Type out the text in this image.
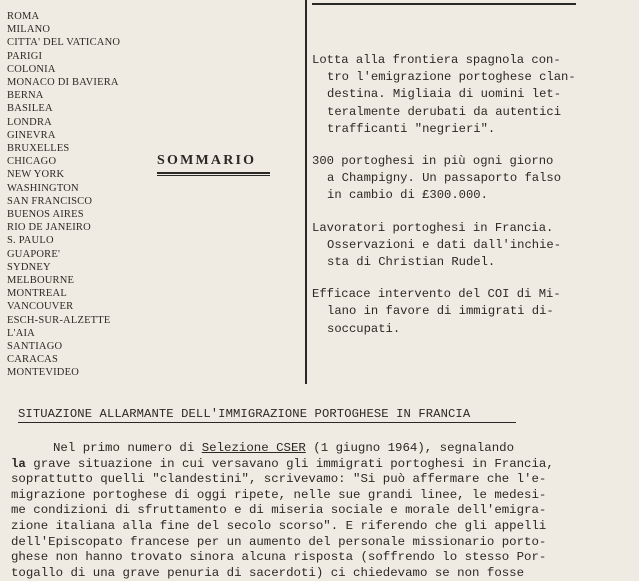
ROMA
MILANO
CITTA' DEL VATICANO
PARIGI
COLONIA
MONACO DI BAVIERA
BERNA
BASILEA
LONDRA
GINEVRA
BRUXELLES
CHICAGO
NEW YORK
WASHINGTON
SAN FRANCISCO
BUENOS AIRES
RIO DE JANEIRO
S. PAULO
GUAPORE'
SYDNEY
MELBOURNE
MONTREAL
VANCOUVER
ESCH-SUR-ALZETTE
L'AIA
SANTIAGO
CARACAS
MONTEVIDEO
SOMMARIO
Lotta alla frontiera spagnola con-
tro l'emigrazione portoghese clan-
destina. Migliaia di uomini let-
teralmente derubati da autentici
trafficanti "negrieri".
300 portoghesi in più ogni giorno
a Champigny. Un passaporto falso
in cambio di £300.000.
Lavoratori portoghesi in Francia.
Osservazioni e dati dall'inchie-
sta di Christian Rudel.
Efficace intervento del COI di Mi-
lano in favore di immigrati di-
soccupati.
SITUAZIONE ALLARMANTE DELL'IMMIGRAZIONE PORTOGHESE IN FRANCIA
Nel primo numero di Selezione CSER (1 giugno 1964), segnalando
la grave situazione in cui versavano gli immigrati portoghesi in Francia,
soprattutto quelli "clandestini", scrivevamo: "Si può affermare che l'e-
migrazione portoghese di oggi ripete, nelle sue grandi linee, le medesi-
me condizioni di sfruttamento e di miseria sociale e morale dell'emigra-
zione italiana alla fine del secolo scorso". E riferendo che gli appelli
dell'Episcopato francese per un aumento del personale missionario porto-
ghese non hanno trovato sinora alcuna risposta (soffrendo lo stesso Por-
togallo di una grave penuria di sacerdoti) ci chiedevamo se non fosse
